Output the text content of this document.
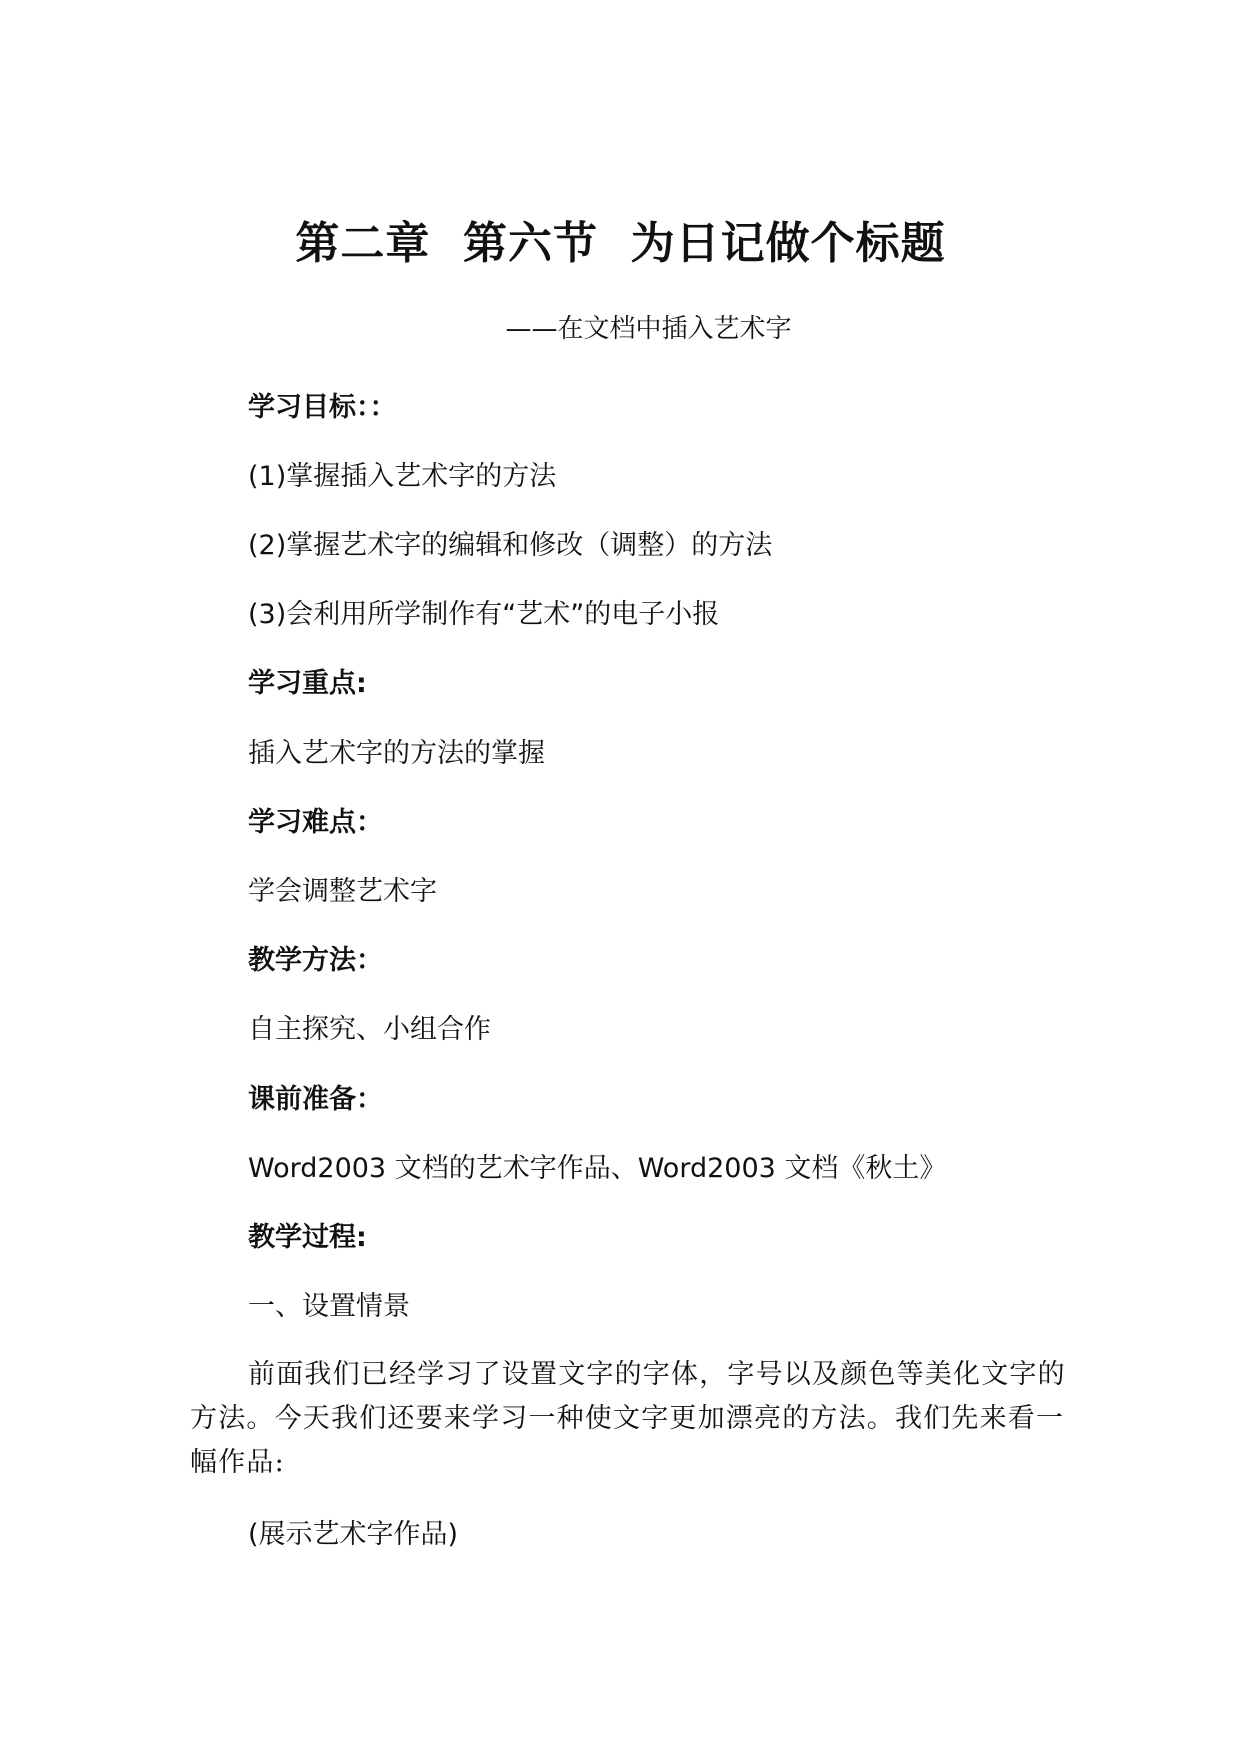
第二章  第六节  为日记做个标题
——在文档中插入艺术字
学习目标：：
(1)掌握插入艺术字的方法
(2)掌握艺术字的编辑和修改（调整）的方法
(3)会利用所学制作有“艺术”的电子小报
学习重点:
插入艺术字的方法的掌握
学习难点：
学会调整艺术字
教学方法：
自主探究、小组合作
课前准备：
Word2003 文档的艺术字作品、Word2003 文档《秋土》
教学过程:
一、设置情景

前面我们已经学习了设置文字的字体，字号以及颜色等美化文字的方法。今天我们还要来学习一种使文字更加漂亮的方法。我们先来看一幅作品:

(展示艺术字作品)
